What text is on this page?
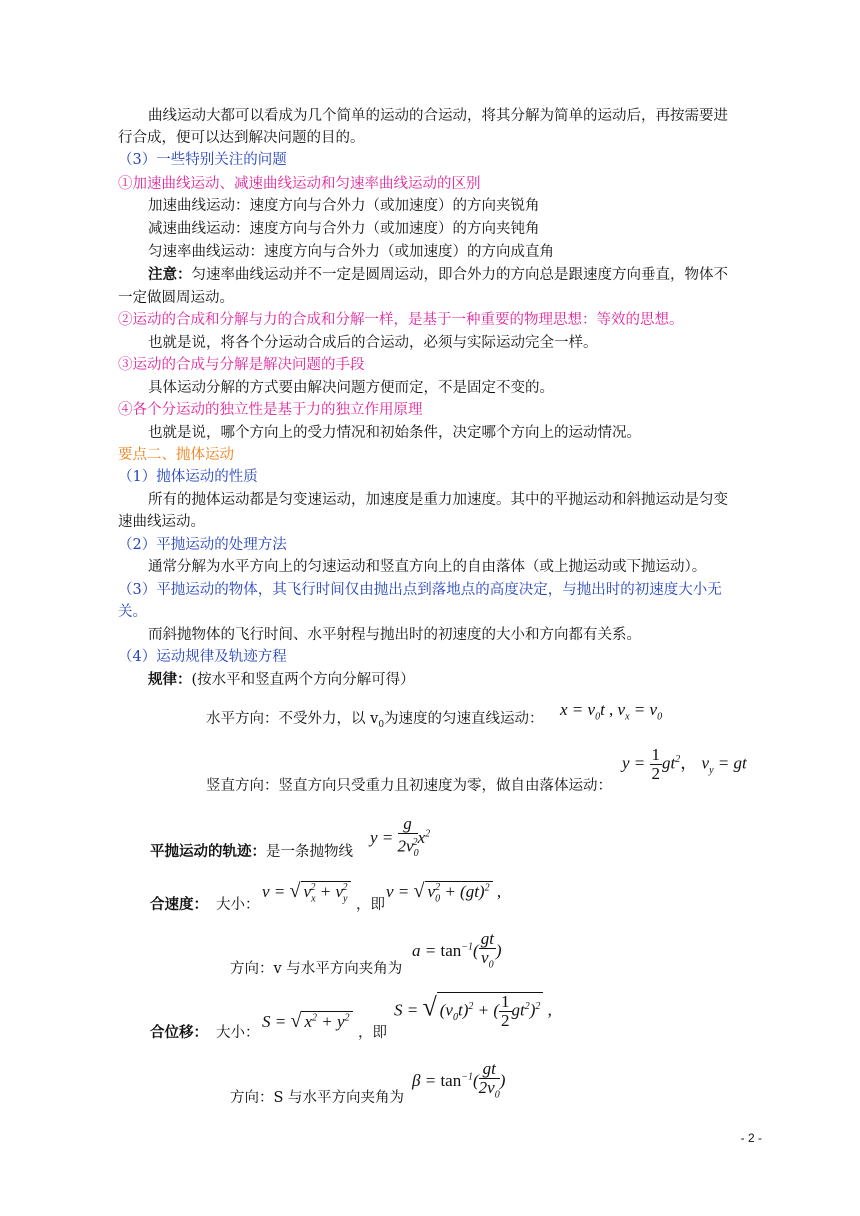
曲线运动大都可以看成为几个简单的运动的合运动，将其分解为简单的运动后，再按需要进
行合成，便可以达到解决问题的目的。
（3）一些特别关注的问题
①加速曲线运动、减速曲线运动和匀速率曲线运动的区别
加速曲线运动：速度方向与合外力（或加速度）的方向夹锐角
减速曲线运动：速度方向与合外力（或加速度）的方向夹钝角
匀速率曲线运动：速度方向与合外力（或加速度）的方向成直角
注意：匀速率曲线运动并不一定是圆周运动，即合外力的方向总是跟速度方向垂直，物体不
一定做圆周运动。
②运动的合成和分解与力的合成和分解一样，是基于一种重要的物理思想：等效的思想。
也就是说，将各个分运动合成后的合运动，必须与实际运动完全一样。
③运动的合成与分解是解决问题的手段
具体运动分解的方式要由解决问题方便而定，不是固定不变的。
④各个分运动的独立性是基于力的独立作用原理
也就是说，哪个方向上的受力情况和初始条件，决定哪个方向上的运动情况。
要点二、抛体运动
（1）抛体运动的性质
所有的抛体运动都是匀变速运动，加速度是重力加速度。其中的平抛运动和斜抛运动是匀变
速曲线运动。
（2）平抛运动的处理方法
通常分解为水平方向上的匀速运动和竖直方向上的自由落体（或上抛运动或下抛运动）。
（3）平抛运动的物体，其飞行时间仅由抛出点到落地点的高度决定，与抛出时的初速度大小无
关。
而斜抛物体的飞行时间、水平射程与抛出时的初速度的大小和方向都有关系。
（4）运动规律及轨迹方程
规律：(按水平和竖直两个方向分解可得）
水平方向：不受外力，以 $v_0$为速度的匀速直线运动： $x = v_0t$ , $v_x = v_0$
竖直方向：竖直方向只受重力且初速度为零，做自由落体运动：
$y = \frac{1}{2} gt^2$， $v_y$ = gt
平抛运动的轨迹：是一条抛物线
$y = \frac{g}{2v_0^2} x^2$
合速度： 大小：
v = √ $v_x^2 + v_y^2$
，即
v = √ $v_0^2 + (gt)^2$ ,
$a = \tan^{-1}( \frac{gt}{v_0}$ )
方向：v 与水平方向夹角为
合位移： 大小：
S = √ $x^2 + y^2$
，即
S = √ $(v_0t)^2$ + ( $\frac{1}{2} gt^2)^2$ ,
$\beta = \tan^{-1}( \frac{gt}{2v_0}$ )
方向：S 与水平方向夹角为
- 2 -
